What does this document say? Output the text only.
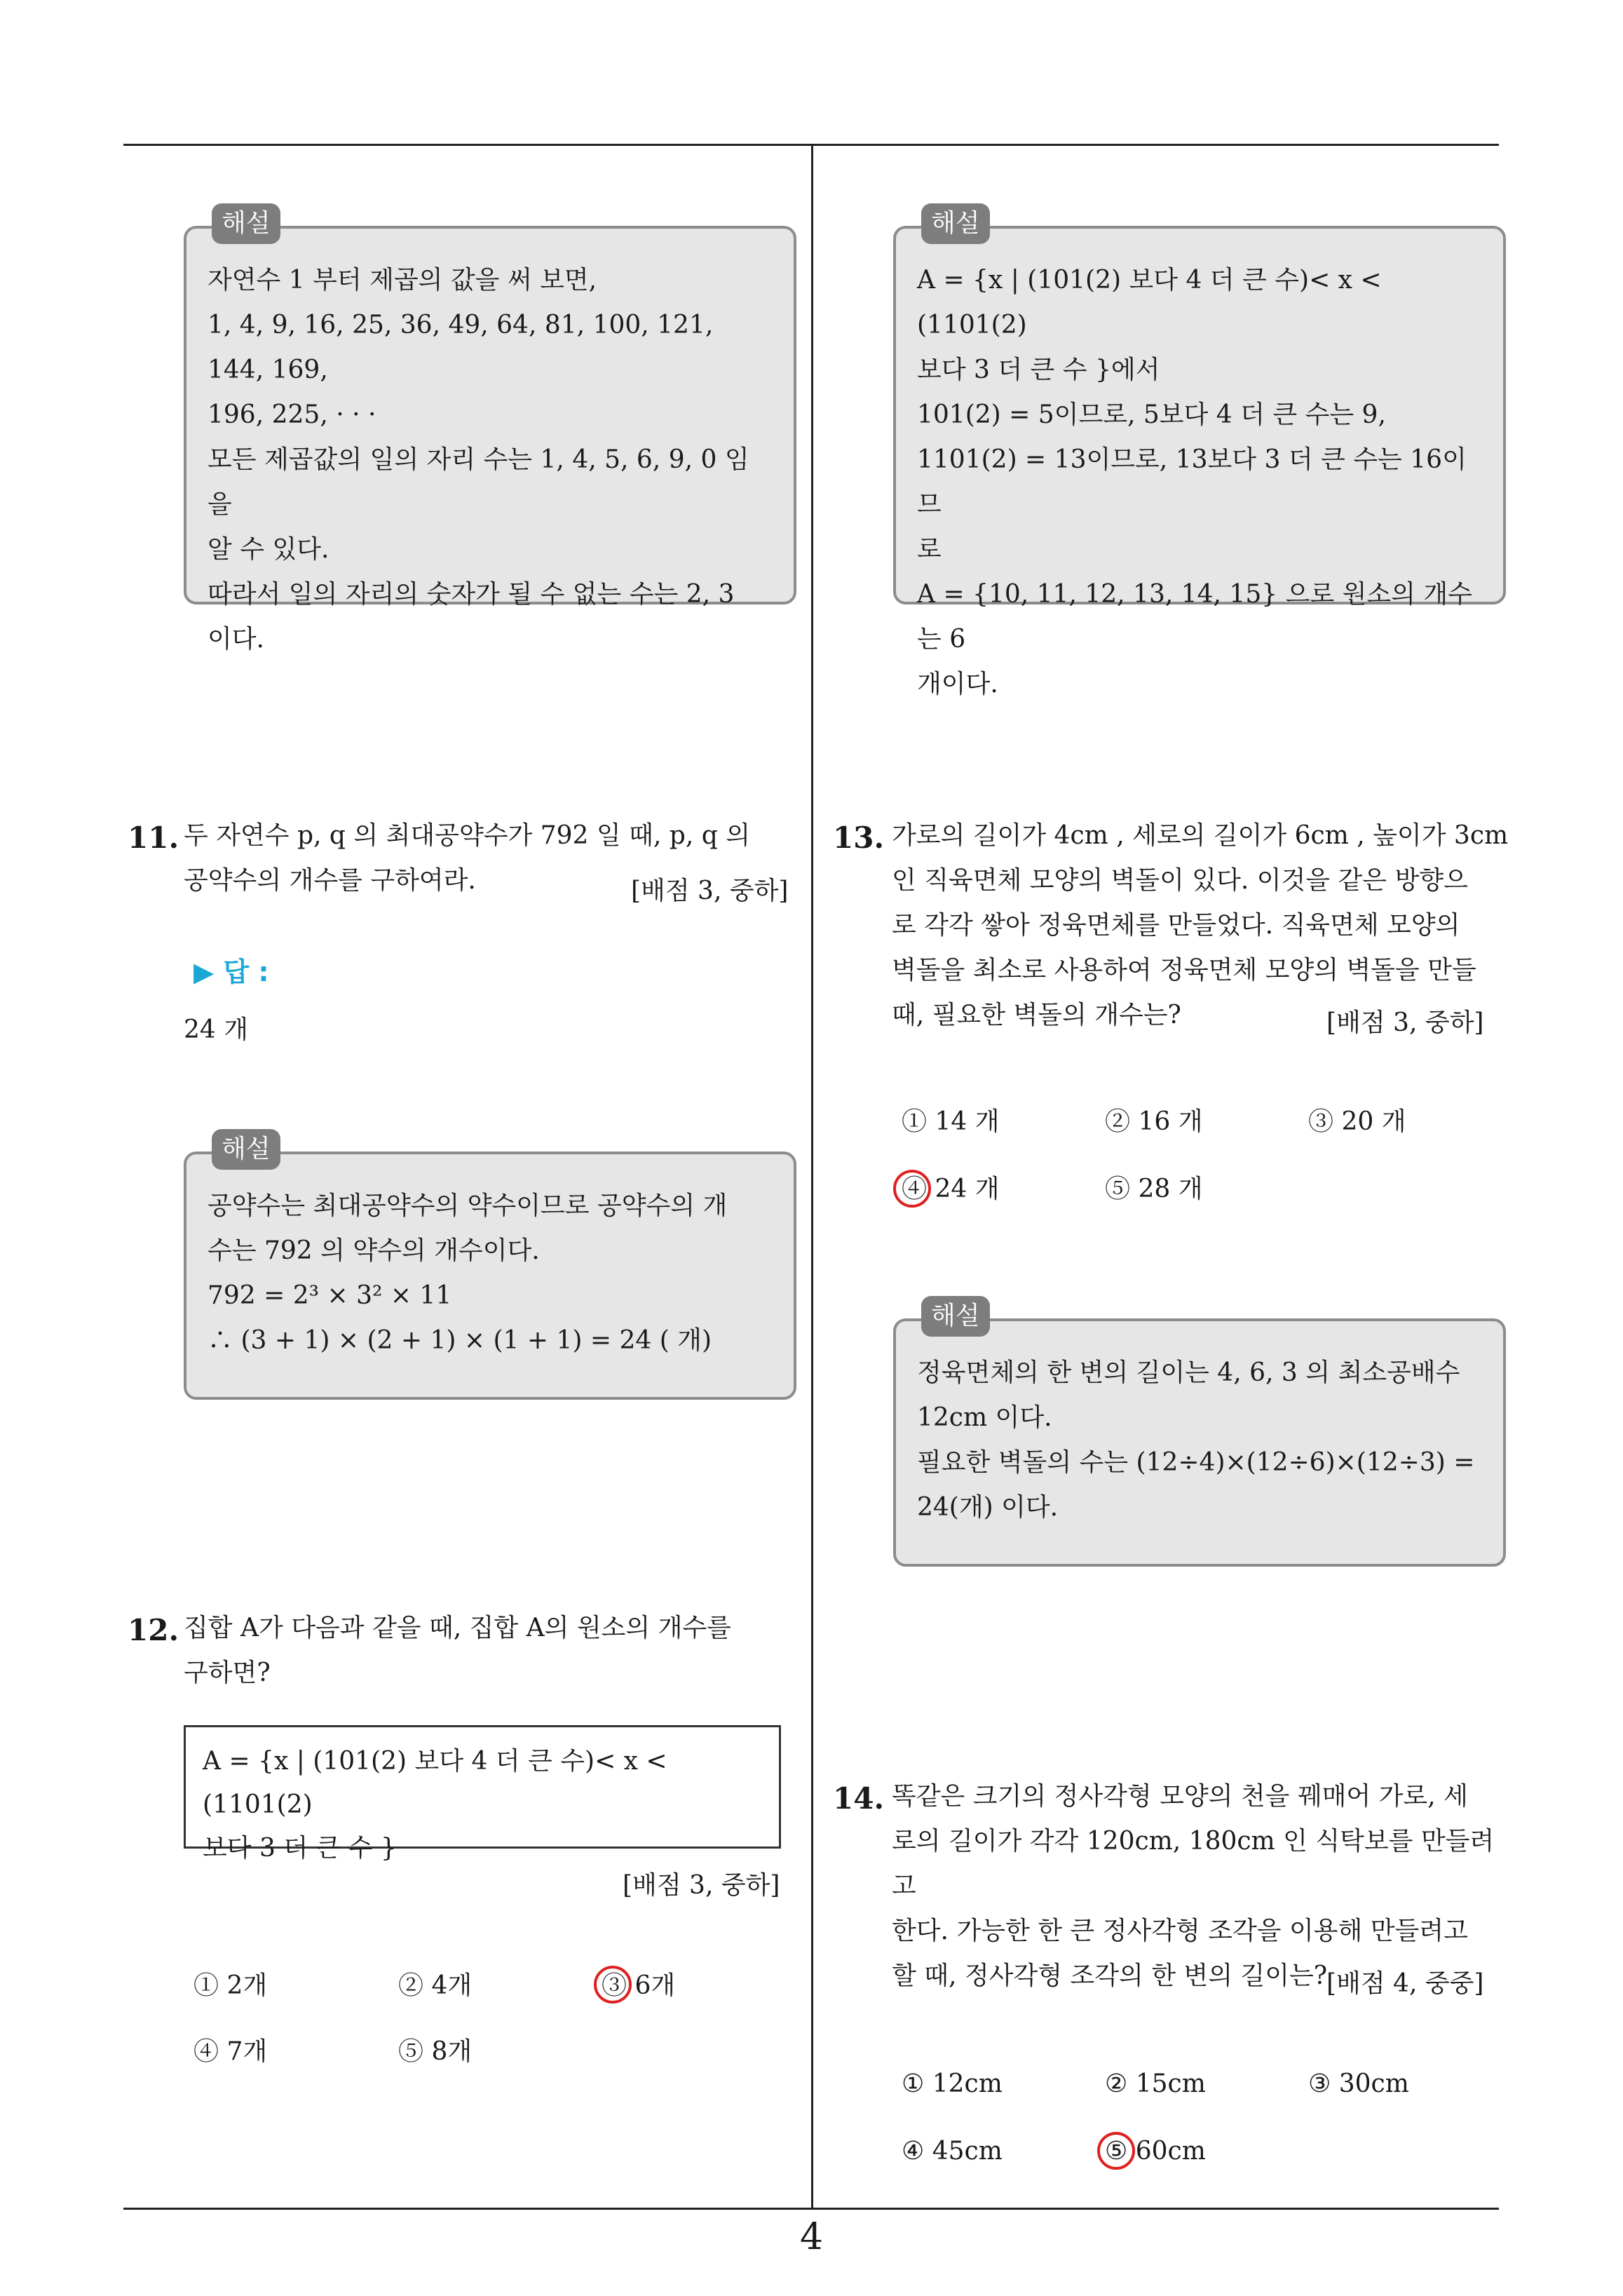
자연수 1 부터 제곱의 값을 써 보면,

1, 4, 9, 16, 25, 36, 49, 64, 81, 100, 121, 144, 169,

196, 225, · · ·

모든 제곱값의 일의 자리 수는 1, 4, 5, 6, 9, 0 임을

알 수 있다.

따라서 일의 자리의 숫자가 될 수 없는 수는 2, 3

이다.

해설

A = {x | (101(2) 보다 4 더 큰 수)< x < (1101(2)

보다 3 더 큰 수 }에서

101(2) = 5이므로, 5보다 4 더 큰 수는 9,

1101(2) = 13이므로, 13보다 3 더 큰 수는 16이므

로

A = {10, 11, 12, 13, 14, 15} 으로 원소의 개수는 6

개이다.

해설
11. 두 자연수 p, q 의 최대공약수가 792 일 때, p, q 의
공약수의 개수를 구하여라.	[배점 3, 중하]
▶ 답 :
24 개

공약수는 최대공약수의 약수이므로 공약수의 개

수는 792 의 약수의 개수이다.

792 = 2³ × 3² × 11

∴ (3 + 1) × (2 + 1) × (1 + 1) = 24 ( 개)

해설
12. 집합 A가 다음과 같을 때, 집합 A의 원소의 개수를
구하면?
A = {x | (101(2) 보다 4 더 큰 수)< x < (1101(2)
보다 3 더 큰 수 }
[배점 3, 중하]
① 2개	② 4개	③ 6개
④ 7개	⑤ 8개
13. 가로의 길이가 4cm , 세로의 길이가 6cm , 높이가 3cm
인 직육면체 모양의 벽돌이 있다. 이것을 같은 방향으
로 각각 쌓아 정육면체를 만들었다. 직육면체 모양의
벽돌을 최소로 사용하여 정육면체 모양의 벽돌을 만들
때, 필요한 벽돌의 개수는?	[배점 3, 중하]
① 14 개	② 16 개	③ 20 개
④ 24 개	⑤ 28 개

정육면체의 한 변의 길이는 4, 6, 3 의 최소공배수

12cm 이다.

필요한 벽돌의 수는 (12÷4)×(12÷6)×(12÷3) =

24(개) 이다.

해설
14. 똑같은 크기의 정사각형 모양의 천을 꿰매어 가로, 세
로의 길이가 각각 120cm, 180cm 인 식탁보를 만들려고
한다. 가능한 한 큰 정사각형 조각을 이용해 만들려고
할 때, 정사각형 조각의 한 변의 길이는?
[배점 4, 중중]
① 12cm	② 15cm	③ 30cm
④ 45cm	⑤ 60cm
4
